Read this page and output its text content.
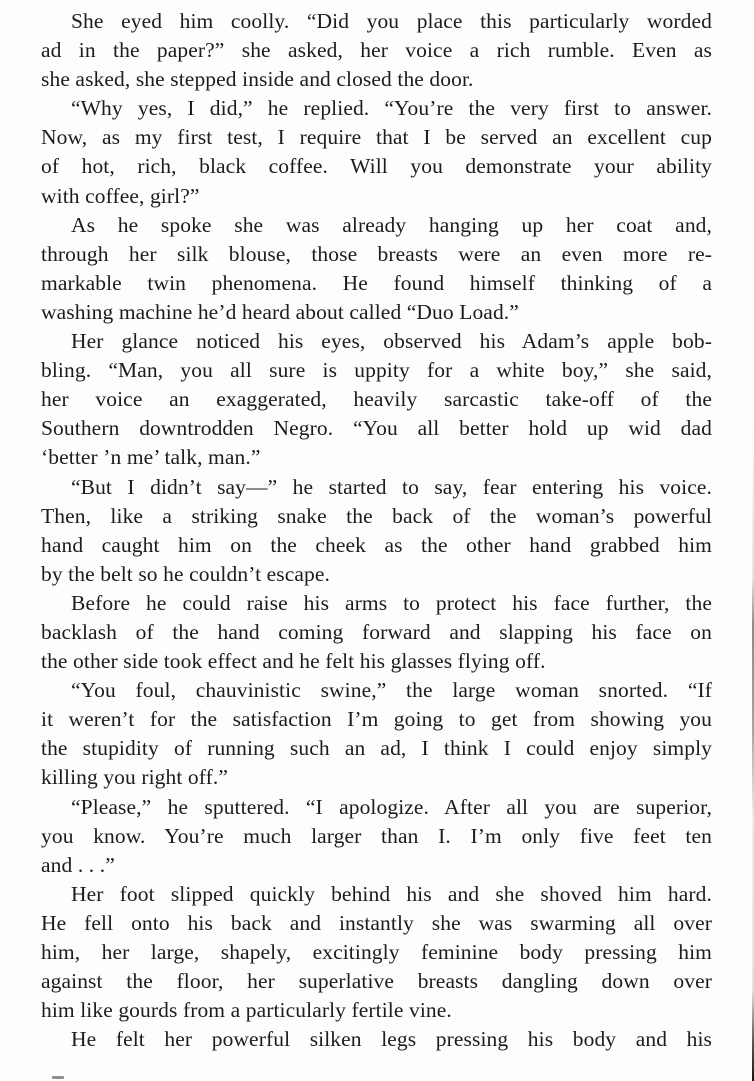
She eyed him coolly. “Did you place this particularly worded
ad in the paper?” she asked, her voice a rich rumble. Even as
she asked, she stepped inside and closed the door.

“Why yes, I did,” he replied. “You’re the very first to answer.
Now, as my first test, I require that I be served an excellent cup
of hot, rich, black coffee. Will you demonstrate your ability
with coffee, girl?”

As he spoke she was already hanging up her coat and,
through her silk blouse, those breasts were an even more re-
markable twin phenomena. He found himself thinking of a
washing machine he’d heard about called “Duo Load.”

Her glance noticed his eyes, observed his Adam’s apple bob-
bling. “Man, you all sure is uppity for a white boy,” she said,
her voice an exaggerated, heavily sarcastic take-off of the
Southern downtrodden Negro. “You all better hold up wid dad
‘better ’n me’ talk, man.”

“But I didn’t say—” he started to say, fear entering his voice.
Then, like a striking snake the back of the woman’s powerful
hand caught him on the cheek as the other hand grabbed him
by the belt so he couldn’t escape.

Before he could raise his arms to protect his face further, the
backlash of the hand coming forward and slapping his face on
the other side took effect and he felt his glasses flying off.

“You foul, chauvinistic swine,” the large woman snorted. “If
it weren’t for the satisfaction I’m going to get from showing you
the stupidity of running such an ad, I think I could enjoy simply
killing you right off.”

“Please,” he sputtered. “I apologize. After all you are superior,
you know. You’re much larger than I. I’m only five feet ten
and . . .”

Her foot slipped quickly behind his and she shoved him hard.
He fell onto his back and instantly she was swarming all over
him, her large, shapely, excitingly feminine body pressing him
against the floor, her superlative breasts dangling down over
him like gourds from a particularly fertile vine.

He felt her powerful silken legs pressing his body and his
